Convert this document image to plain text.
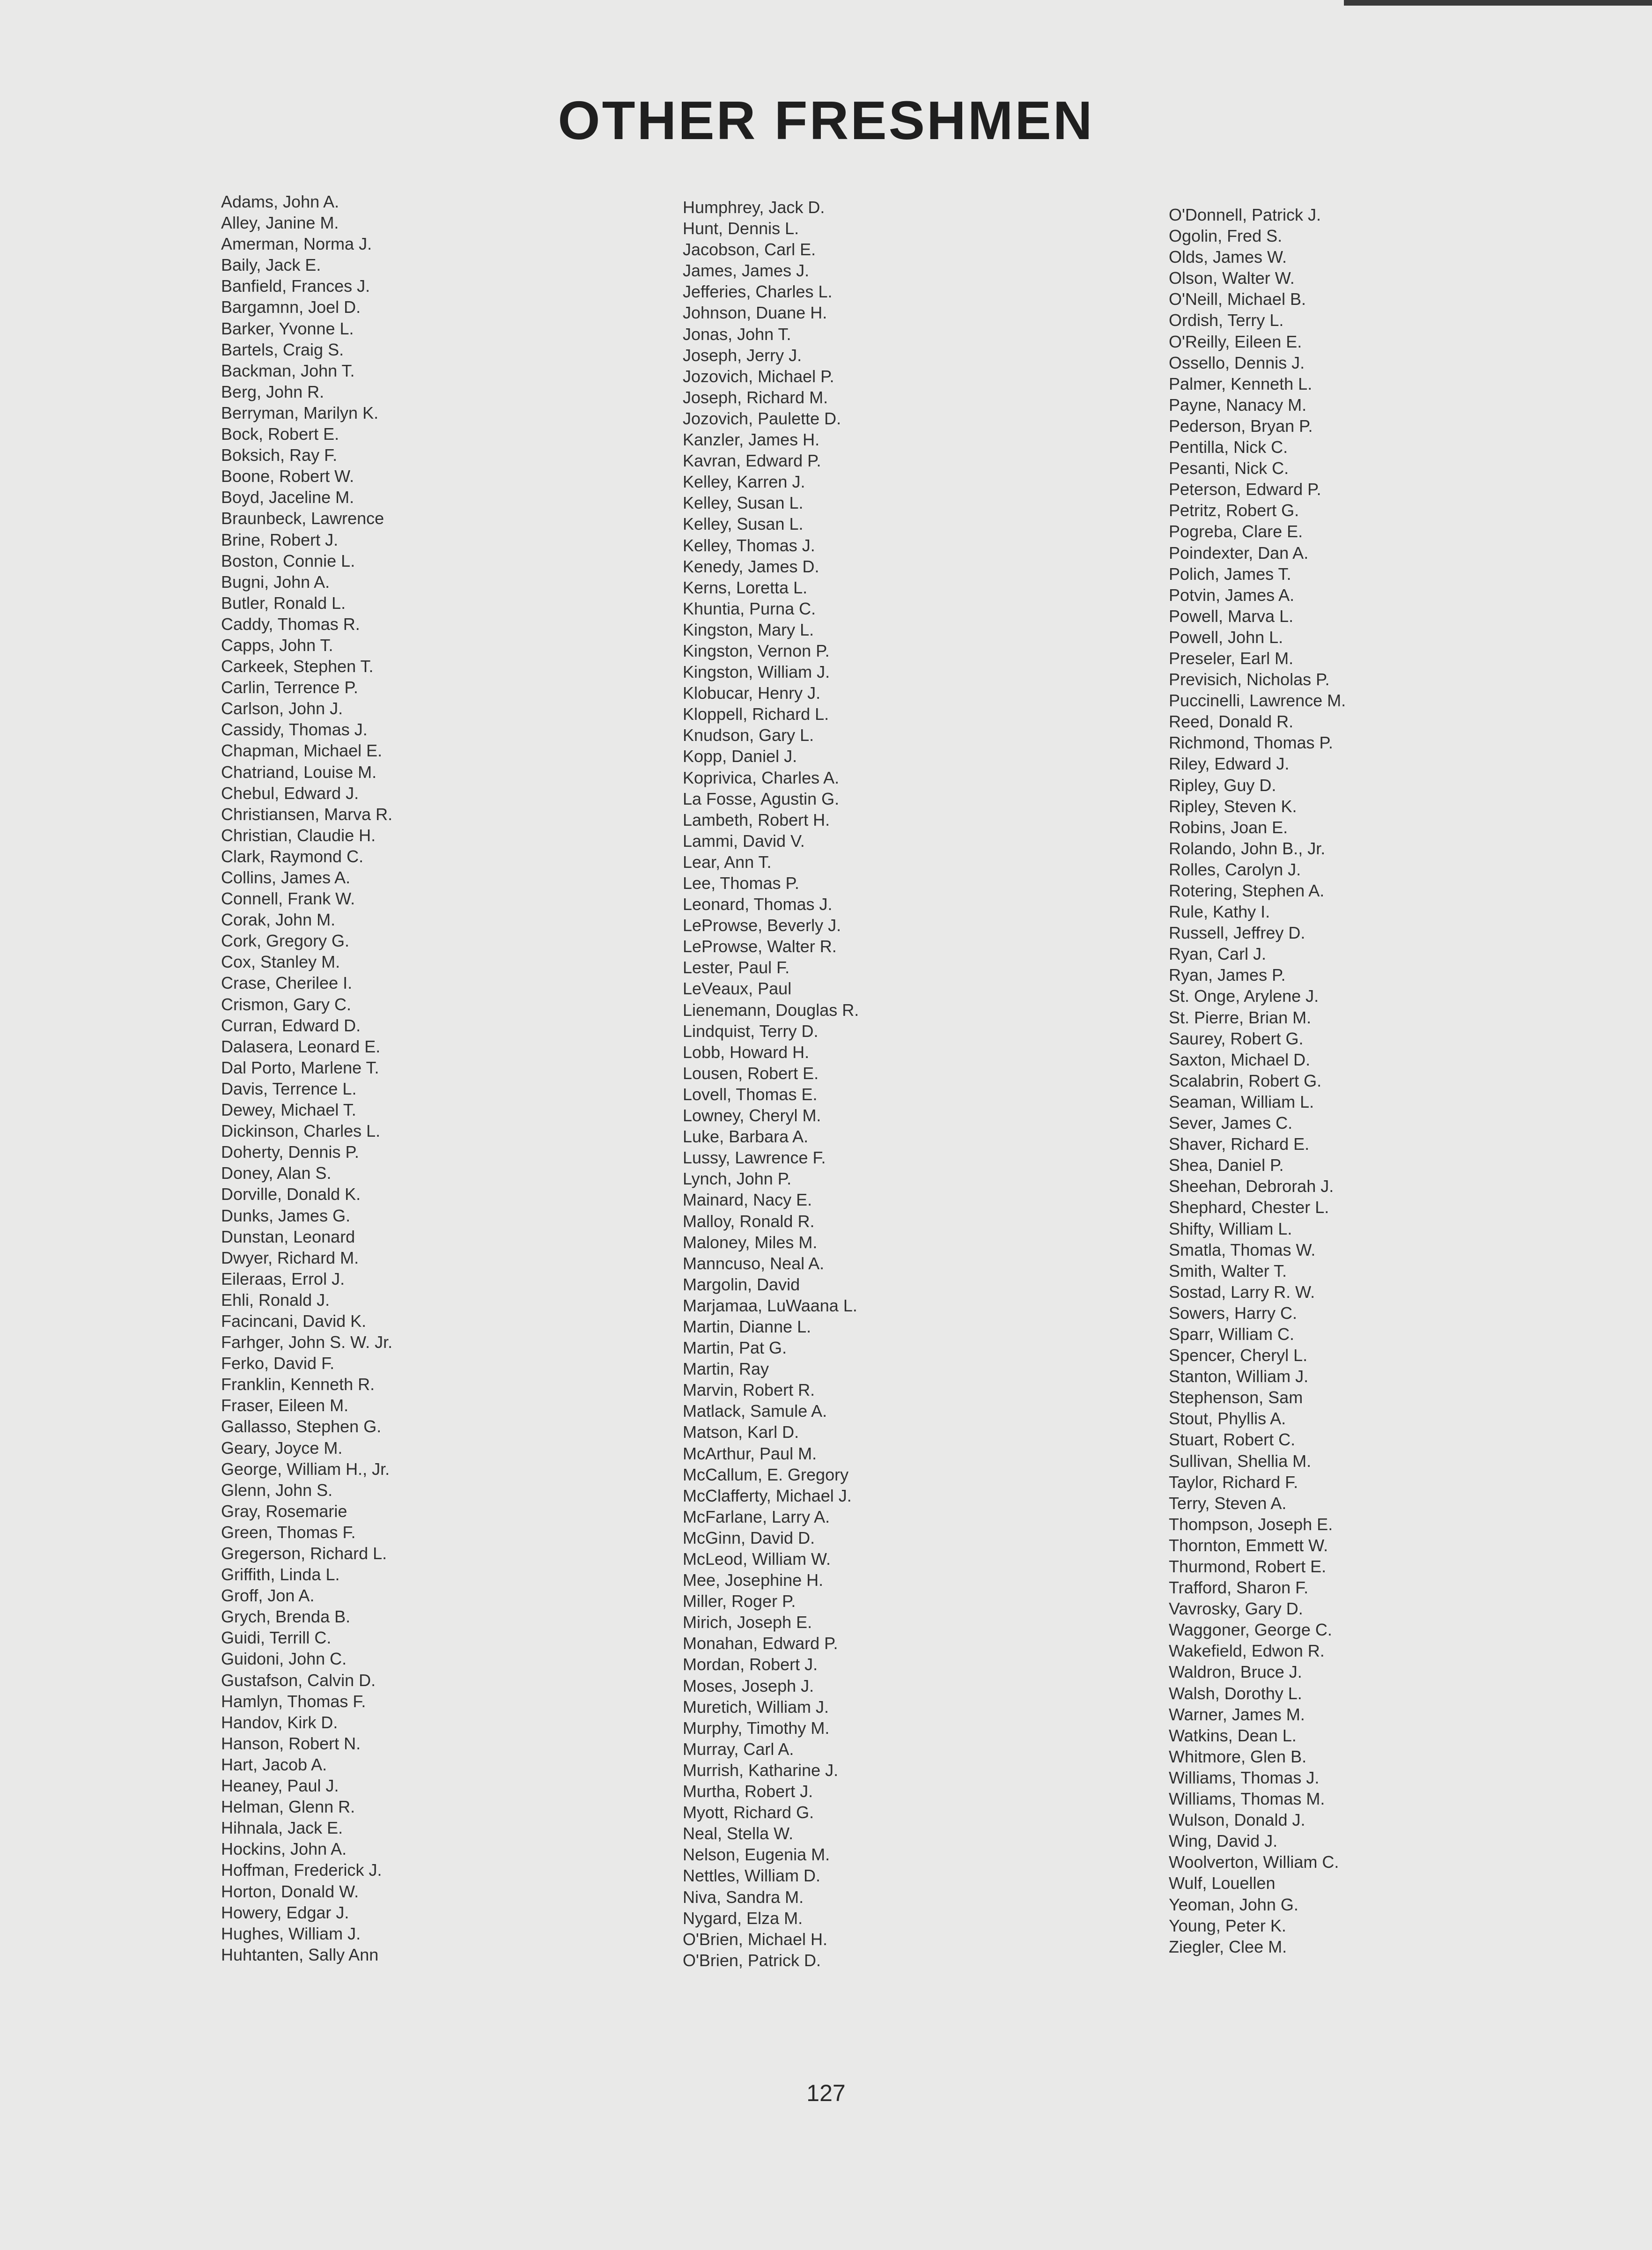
OTHER FRESHMEN
Adams, John A.
Alley, Janine M.
Amerman, Norma J.
Baily, Jack E.
Banfield, Frances J.
Bargamnn, Joel D.
Barker, Yvonne L.
Bartels, Craig S.
Backman, John T.
Berg, John R.
Berryman, Marilyn K.
Bock, Robert E.
Boksich, Ray F.
Boone, Robert W.
Boyd, Jaceline M.
Braunbeck, Lawrence
Brine, Robert J.
Boston, Connie L.
Bugni, John A.
Butler, Ronald L.
Caddy, Thomas R.
Capps, John T.
Carkeek, Stephen T.
Carlin, Terrence P.
Carlson, John J.
Cassidy, Thomas J.
Chapman, Michael E.
Chatriand, Louise M.
Chebul, Edward J.
Christiansen, Marva R.
Christian, Claudie H.
Clark, Raymond C.
Collins, James A.
Connell, Frank W.
Corak, John M.
Cork, Gregory G.
Cox, Stanley M.
Crase, Cherilee I.
Crismon, Gary C.
Curran, Edward D.
Dalasera, Leonard E.
Dal Porto, Marlene T.
Davis, Terrence L.
Dewey, Michael T.
Dickinson, Charles L.
Doherty, Dennis P.
Doney, Alan S.
Dorville, Donald K.
Dunks, James G.
Dunstan, Leonard
Dwyer, Richard M.
Eileraas, Errol J.
Ehli, Ronald J.
Facincani, David K.
Farhger, John S. W. Jr.
Ferko, David F.
Franklin, Kenneth R.
Fraser, Eileen M.
Gallasso, Stephen G.
Geary, Joyce M.
George, William H., Jr.
Glenn, John S.
Gray, Rosemarie
Green, Thomas F.
Gregerson, Richard L.
Griffith, Linda L.
Groff, Jon A.
Grych, Brenda B.
Guidi, Terrill C.
Guidoni, John C.
Gustafson, Calvin D.
Hamlyn, Thomas F.
Handov, Kirk D.
Hanson, Robert N.
Hart, Jacob A.
Heaney, Paul J.
Helman, Glenn R.
Hihnala, Jack E.
Hockins, John A.
Hoffman, Frederick J.
Horton, Donald W.
Howery, Edgar J.
Hughes, William J.
Huhtanten, Sally Ann
Humphrey, Jack D.
Hunt, Dennis L.
Jacobson, Carl E.
James, James J.
Jefferies, Charles L.
Johnson, Duane H.
Jonas, John T.
Joseph, Jerry J.
Jozovich, Michael P.
Joseph, Richard M.
Jozovich, Paulette D.
Kanzler, James H.
Kavran, Edward P.
Kelley, Karren J.
Kelley, Susan L.
Kelley, Susan L.
Kelley, Thomas J.
Kenedy, James D.
Kerns, Loretta L.
Khuntia, Purna C.
Kingston, Mary L.
Kingston, Vernon P.
Kingston, William J.
Klobucar, Henry J.
Kloppell, Richard L.
Knudson, Gary L.
Kopp, Daniel J.
Koprivica, Charles A.
La Fosse, Agustin G.
Lambeth, Robert H.
Lammi, David V.
Lear, Ann T.
Lee, Thomas P.
Leonard, Thomas J.
LeProwse, Beverly J.
LeProwse, Walter R.
Lester, Paul F.
LeVeaux, Paul
Lienemann, Douglas R.
Lindquist, Terry D.
Lobb, Howard H.
Lousen, Robert E.
Lovell, Thomas E.
Lowney, Cheryl M.
Luke, Barbara A.
Lussy, Lawrence F.
Lynch, John P.
Mainard, Nacy E.
Malloy, Ronald R.
Maloney, Miles M.
Manncuso, Neal A.
Margolin, David
Marjamaa, LuWaana L.
Martin, Dianne L.
Martin, Pat G.
Martin, Ray
Marvin, Robert R.
Matlack, Samule A.
Matson, Karl D.
McArthur, Paul M.
McCallum, E. Gregory
McClafferty, Michael J.
McFarlane, Larry A.
McGinn, David D.
McLeod, William W.
Mee, Josephine H.
Miller, Roger P.
Mirich, Joseph E.
Monahan, Edward P.
Mordan, Robert J.
Moses, Joseph J.
Muretich, William J.
Murphy, Timothy M.
Murray, Carl A.
Murrish, Katharine J.
Murtha, Robert J.
Myott, Richard G.
Neal, Stella W.
Nelson, Eugenia M.
Nettles, William D.
Niva, Sandra M.
Nygard, Elza M.
O'Brien, Michael H.
O'Brien, Patrick D.
O'Donnell, Patrick J.
Ogolin, Fred S.
Olds, James W.
Olson, Walter W.
O'Neill, Michael B.
Ordish, Terry L.
O'Reilly, Eileen E.
Ossello, Dennis J.
Palmer, Kenneth L.
Payne, Nanacy M.
Pederson, Bryan P.
Pentilla, Nick C.
Pesanti, Nick C.
Peterson, Edward P.
Petritz, Robert G.
Pogreba, Clare E.
Poindexter, Dan A.
Polich, James T.
Potvin, James A.
Powell, Marva L.
Powell, John L.
Preseler, Earl M.
Previsich, Nicholas P.
Puccinelli, Lawrence M.
Reed, Donald R.
Richmond, Thomas P.
Riley, Edward J.
Ripley, Guy D.
Ripley, Steven K.
Robins, Joan E.
Rolando, John B., Jr.
Rolles, Carolyn J.
Rotering, Stephen A.
Rule, Kathy I.
Russell, Jeffrey D.
Ryan, Carl J.
Ryan, James P.
St. Onge, Arylene J.
St. Pierre, Brian M.
Saurey, Robert G.
Saxton, Michael D.
Scalabrin, Robert G.
Seaman, William L.
Sever, James C.
Shaver, Richard E.
Shea, Daniel P.
Sheehan, Debrorah J.
Shephard, Chester L.
Shifty, William L.
Smatla, Thomas W.
Smith, Walter T.
Sostad, Larry R. W.
Sowers, Harry C.
Sparr, William C.
Spencer, Cheryl L.
Stanton, William J.
Stephenson, Sam
Stout, Phyllis A.
Stuart, Robert C.
Sullivan, Shellia M.
Taylor, Richard F.
Terry, Steven A.
Thompson, Joseph E.
Thornton, Emmett W.
Thurmond, Robert E.
Trafford, Sharon F.
Vavrosky, Gary D.
Waggoner, George C.
Wakefield, Edwon R.
Waldron, Bruce J.
Walsh, Dorothy L.
Warner, James M.
Watkins, Dean L.
Whitmore, Glen B.
Williams, Thomas J.
Williams, Thomas M.
Wulson, Donald J.
Wing, David J.
Woolverton, William C.
Wulf, Louellen
Yeoman, John G.
Young, Peter K.
Ziegler, Clee M.
127
